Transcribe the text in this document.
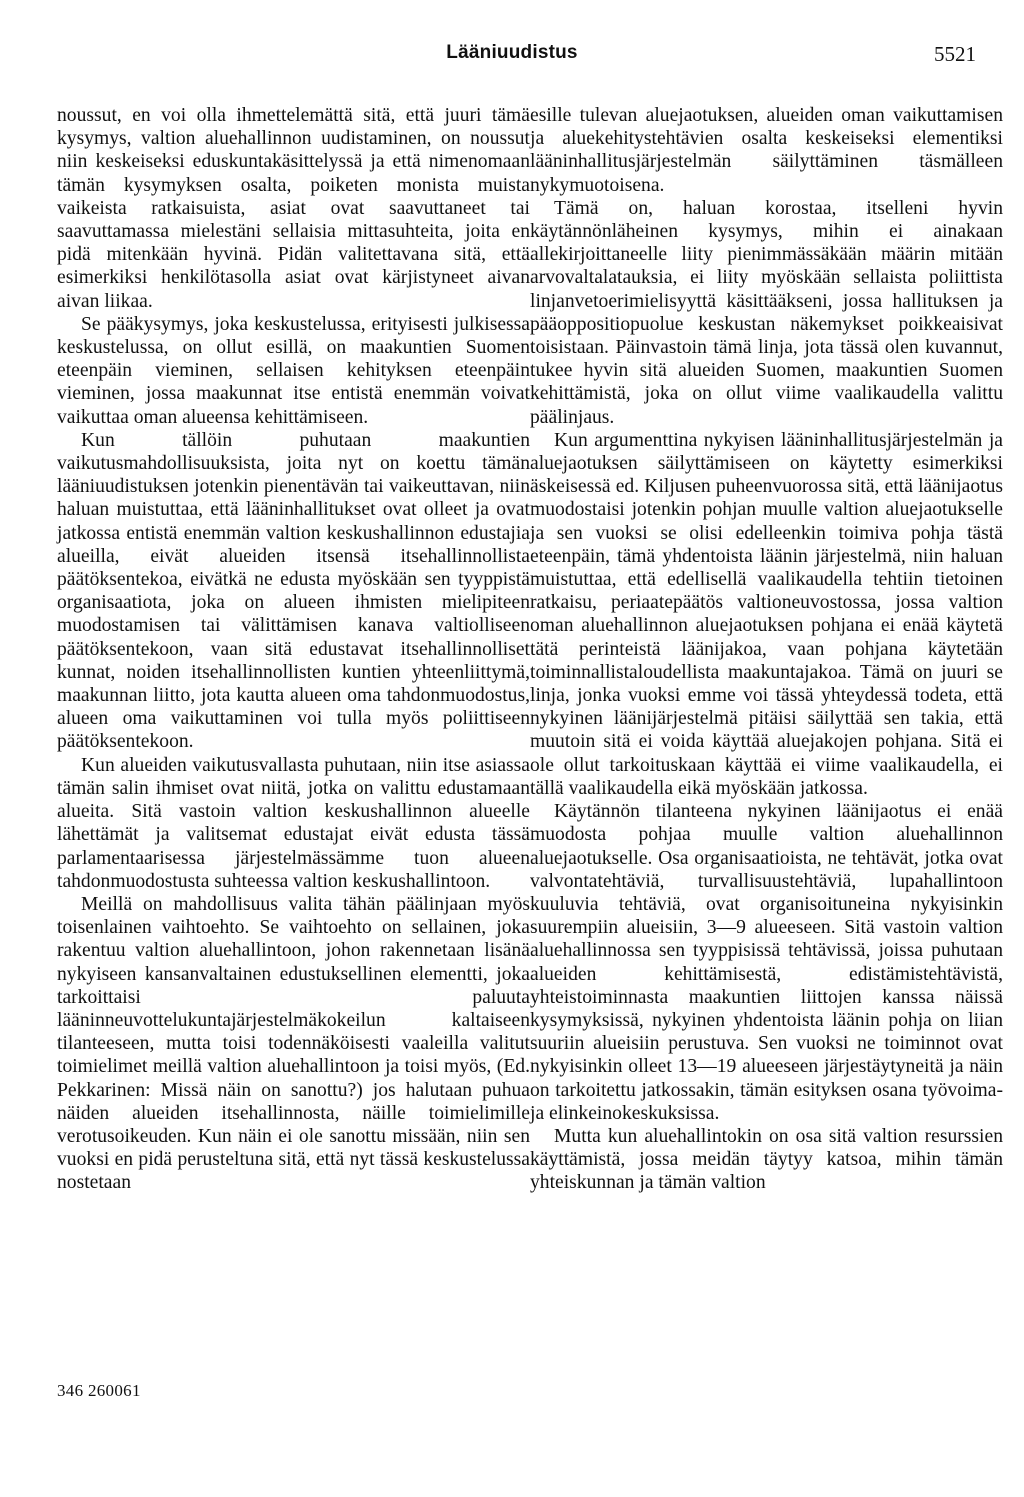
Lääniuudistus	5521

noussut, en voi olla ihmettelemättä sitä, että juuri tämä kysymys, valtion aluehallinnon uudistaminen, on noussut niin keskeiseksi eduskuntakäsittelyssä ja että nimenomaan tämän kysymyksen osalta, poiketen monista muista vaikeista ratkaisuista, asiat ovat saavuttaneet tai saavuttamassa mielestäni sellaisia mittasuhteita, joita en pidä mitenkään hyvinä. Pidän valitettavana sitä, että esimerkiksi henkilötasolla asiat ovat kärjistyneet aivan aivan liikaa.

Se pääkysymys, joka keskustelussa, erityisesti julkisessa keskustelussa, on ollut esillä, on maakuntien Suomen eteenpäin vieminen, sellaisen kehityksen eteenpäin vieminen, jossa maakunnat itse entistä enemmän voivat vaikuttaa oman alueensa kehittämiseen.

Kun tällöin puhutaan maakuntien vaikutusmahdollisuuksista, joita nyt on koettu tämän lääniuudistuksen jotenkin pienentävän tai vaikeuttavan, niin haluan muistuttaa, että lääninhallitukset ovat olleet ja ovat jatkossa entistä enemmän valtion keskushallinnon edustajia alueilla, eivät alueiden itsensä itsehallinnollista päätöksentekoa, eivätkä ne edusta myöskään sen tyyppistä organisaatiota, joka on alueen ihmisten mielipiteen muodostamisen tai välittämisen kanava valtiolliseen päätöksentekoon, vaan sitä edustavat itsehallinnolliset kunnat, noiden itsehallinnollisten kuntien yhteenliittymä, maakunnan liitto, jota kautta alueen oma tahdonmuodostus, alueen oma vaikuttaminen voi tulla myös poliittiseen päätöksentekoon.

Kun alueiden vaikutusvallasta puhutaan, niin itse asiassa tämän salin ihmiset ovat niitä, jotka on valittu edustamaan alueita. Sitä vastoin valtion keskushallinnon alueelle lähettämät ja valitsemat edustajat eivät edusta tässä parlamentaarisessa järjestelmässämme tuon alueen tahdonmuodostusta suhteessa valtion keskushallintoon.

Meillä on mahdollisuus valita tähän päälinjaan myös toisenlainen vaihtoehto. Se vaihtoehto on sellainen, joka rakentuu valtion aluehallintoon, johon rakennetaan lisänä nykyiseen kansanvaltainen edustuksellinen elementti, joka tarkoittaisi paluuta lääninneuvottelukuntajärjestelmäkokeilun kaltaiseen tilanteeseen, mutta toisi todennäköisesti vaaleilla valitut toimielimet meillä valtion aluehallintoon ja toisi myös, (Ed. Pekkarinen: Missä näin on sanottu?) jos halutaan puhua näiden alueiden itsehallinnosta, näille toimielimille verotusoikeuden. Kun näin ei ole sanottu missään, niin sen vuoksi en pidä perusteltuna sitä, että nyt tässä keskustelussa nostetaan

esille tulevan aluejaotuksen, alueiden oman vaikuttamisen ja aluekehitystehtävien osalta keskeiseksi elementiksi lääninhallitusjärjestelmän säilyttäminen täsmälleen nykymuotoisena.

Tämä on, haluan korostaa, itselleni hyvin käytännönläheinen kysymys, mihin ei ainakaan allekirjoittaneelle liity pienimmässäkään määrin mitään arvovaltalatauksia, ei liity myöskään sellaista poliittista linjanvetoerimielisyyttä käsittääkseni, jossa hallituksen ja pääoppositiopuolue keskustan näkemykset poikkeaisivat toisistaan. Päinvastoin tämä linja, jota tässä olen kuvannut, tukee hyvin sitä alueiden Suomen, maakuntien Suomen kehittämistä, joka on ollut viime vaalikaudella valittu päälinjaus.

Kun argumenttina nykyisen lääninhallitusjärjestelmän ja aluejaotuksen säilyttämiseen on käytetty esimerkiksi äskeisessä ed. Kiljusen puheenvuorossa sitä, että läänijaotus muodostaisi jotenkin pohjan muulle valtion aluejaotukselle ja sen vuoksi se olisi edelleenkin toimiva pohja tästä eteenpäin, tämä yhdentoista läänin järjestelmä, niin haluan muistuttaa, että edellisellä vaalikaudella tehtiin tietoinen ratkaisu, periaatepäätös valtioneuvostossa, jossa valtion oman aluehallinnon aluejaotuksen pohjana ei enää käytetä tätä perinteistä läänijakoa, vaan pohjana käytetään toiminnallistaloudellista maakuntajakoa. Tämä on juuri se linja, jonka vuoksi emme voi tässä yhteydessä todeta, että nykyinen läänijärjestelmä pitäisi säilyttää sen takia, että muutoin sitä ei voida käyttää aluejakojen pohjana. Sitä ei ole ollut tarkoituskaan käyttää ei viime vaalikaudella, ei tällä vaalikaudella eikä myöskään jatkossa.

Käytännön tilanteena nykyinen läänijaotus ei enää muodosta pohjaa muulle valtion aluehallinnon aluejaotukselle. Osa organisaatioista, ne tehtävät, jotka ovat valvontatehtäviä, turvallisuustehtäviä, lupahallintoon kuuluvia tehtäviä, ovat organisoituneina nykyisinkin suurempiin alueisiin, 3—9 alueeseen. Sitä vastoin valtion aluehallinnossa sen tyyppisissä tehtävissä, joissa puhutaan alueiden kehittämisestä, edistämistehtävistä, yhteistoiminnasta maakuntien liittojen kanssa näissä kysymyksissä, nykyinen yhdentoista läänin pohja on liian suuriin alueisiin perustuva. Sen vuoksi ne toiminnot ovat nykyisinkin olleet 13—19 alueeseen järjestäytyneitä ja näin on tarkoitettu jatkossakin, tämän esityksen osana työvoima- ja elinkeinokeskuksissa.

Mutta kun aluehallintokin on osa sitä valtion resurssien käyttämistä, jossa meidän täytyy katsoa, mihin tämän yhteiskunnan ja tämän valtion

346 260061
